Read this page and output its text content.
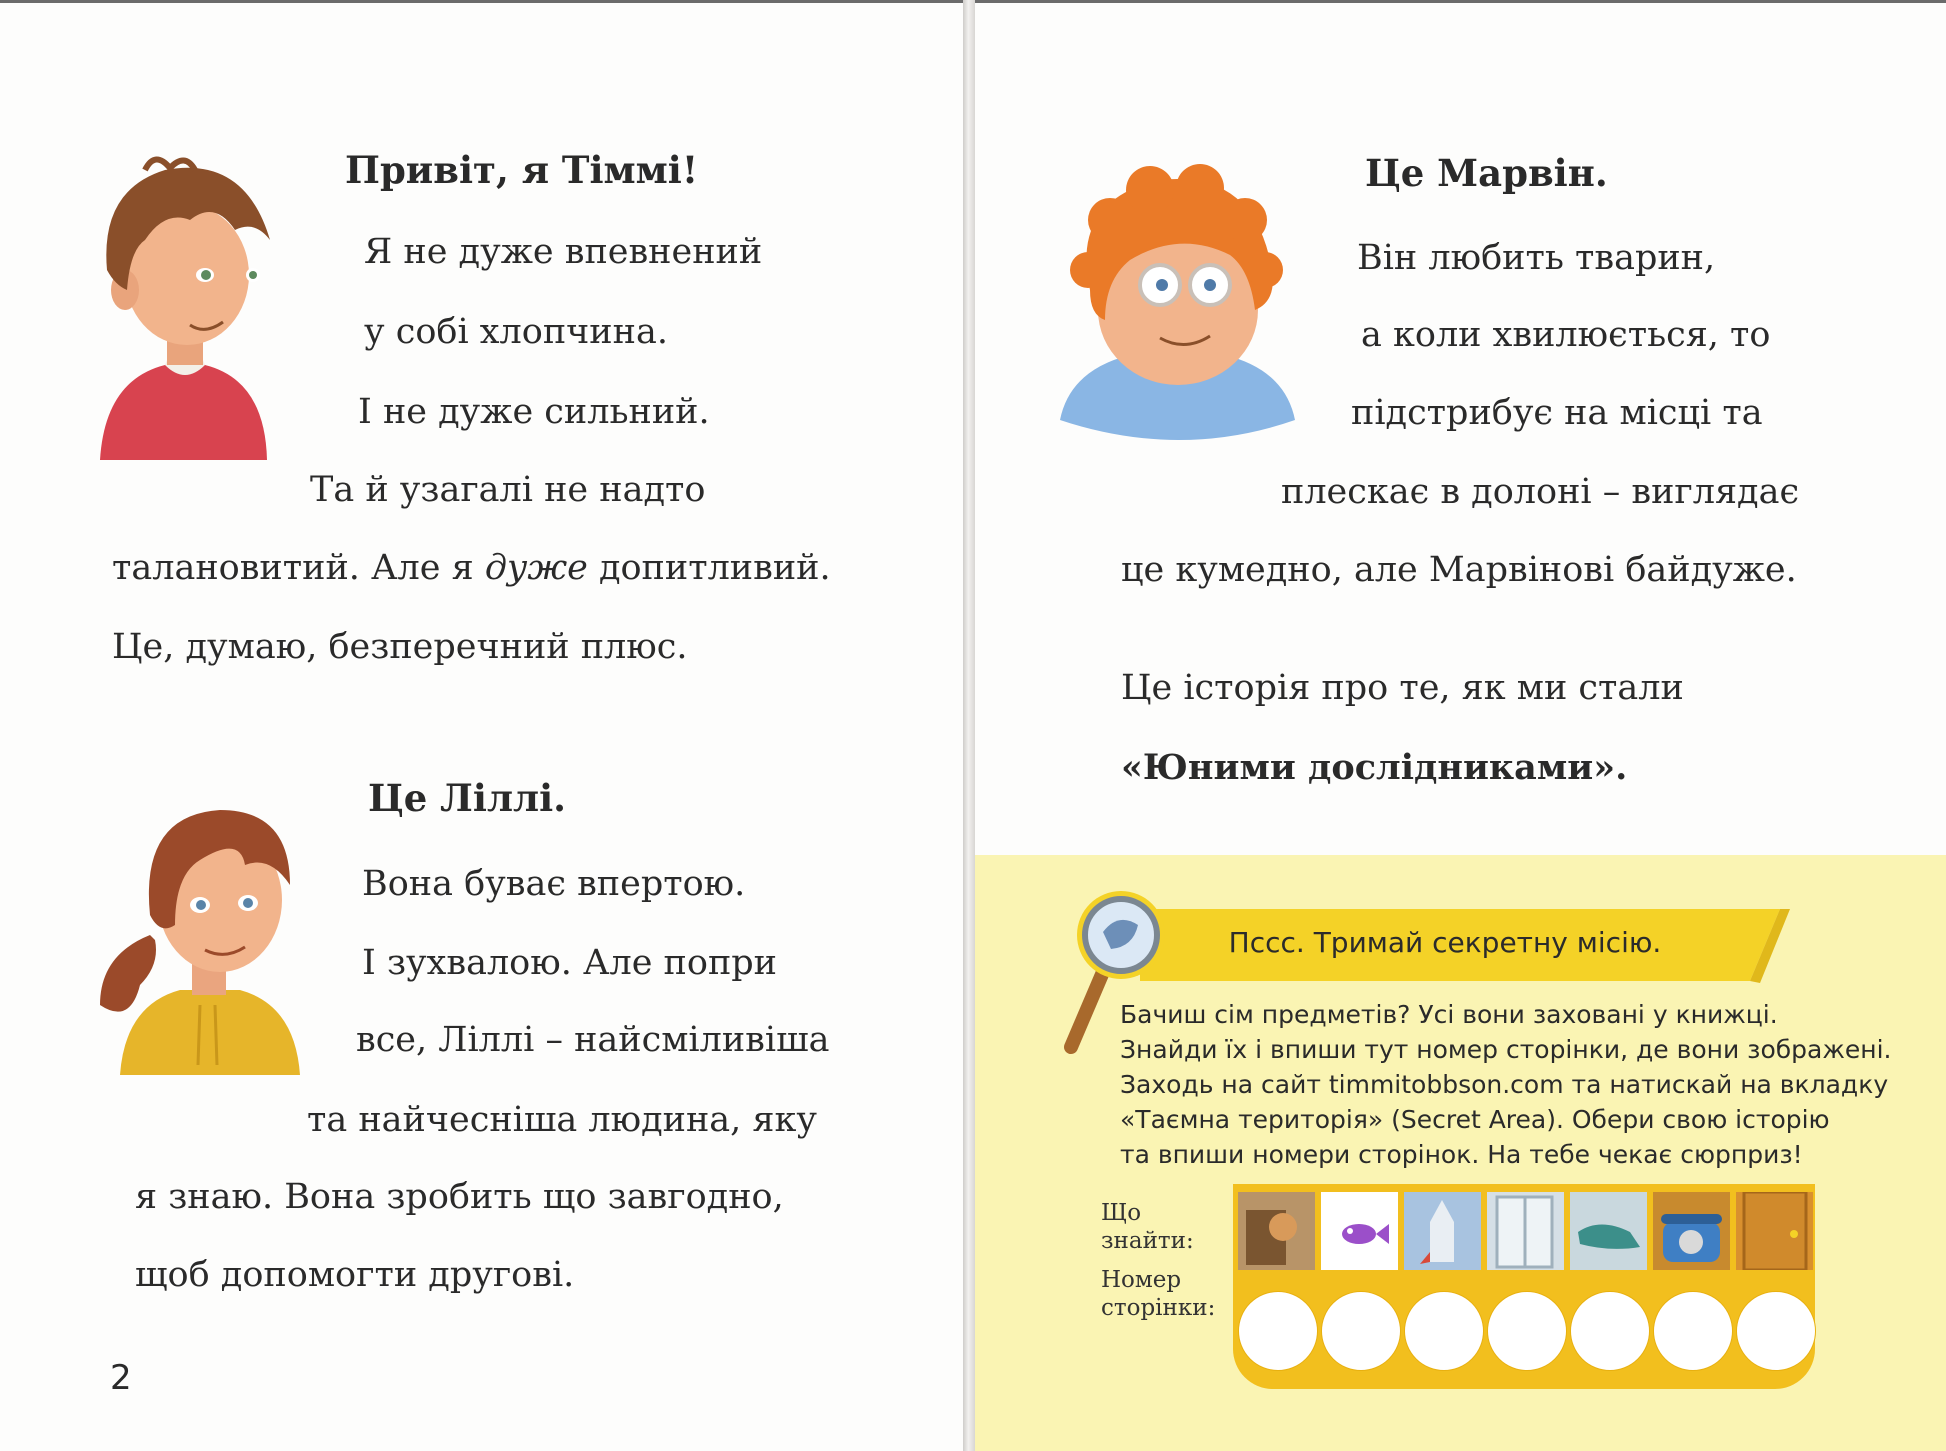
Привіт, я Тіммі!
Я не дуже впевнений
у собі хлопчина.
І не дуже сильний.
Та й узагалі не надто
талановитий. Але я дуже допитливий.
Це, думаю, безперечний плюс.
Це Ліллі.
Вона буває впертою.
І зухвалою. Але попри
все, Ліллі – найсміливіша
та найчесніша людина, яку
я знаю. Вона зробить що завгодно,
щоб допомогти другові.
2
Це Марвін.
Він любить тварин,
а коли хвилюється, то
підстрибує на місці та
плескає в долоні – виглядає
це кумедно, але Марвінові байдуже.
Це історія про те, як ми стали
«Юними дослідниками».
Пссс. Тримай секретну місію.
Бачиш сім предметів? Усі вони заховані у книжці.
Знайди їх і впиши тут номер сторінки, де вони зображені.
Заходь на сайт timmitobbson.com та натискай на вкладку
«Таємна територія» (Secret Area). Обери свою історію
та впиши номери сторінок. На тебе чекає сюрприз!
Що
знайти:
Номер
сторінки:
